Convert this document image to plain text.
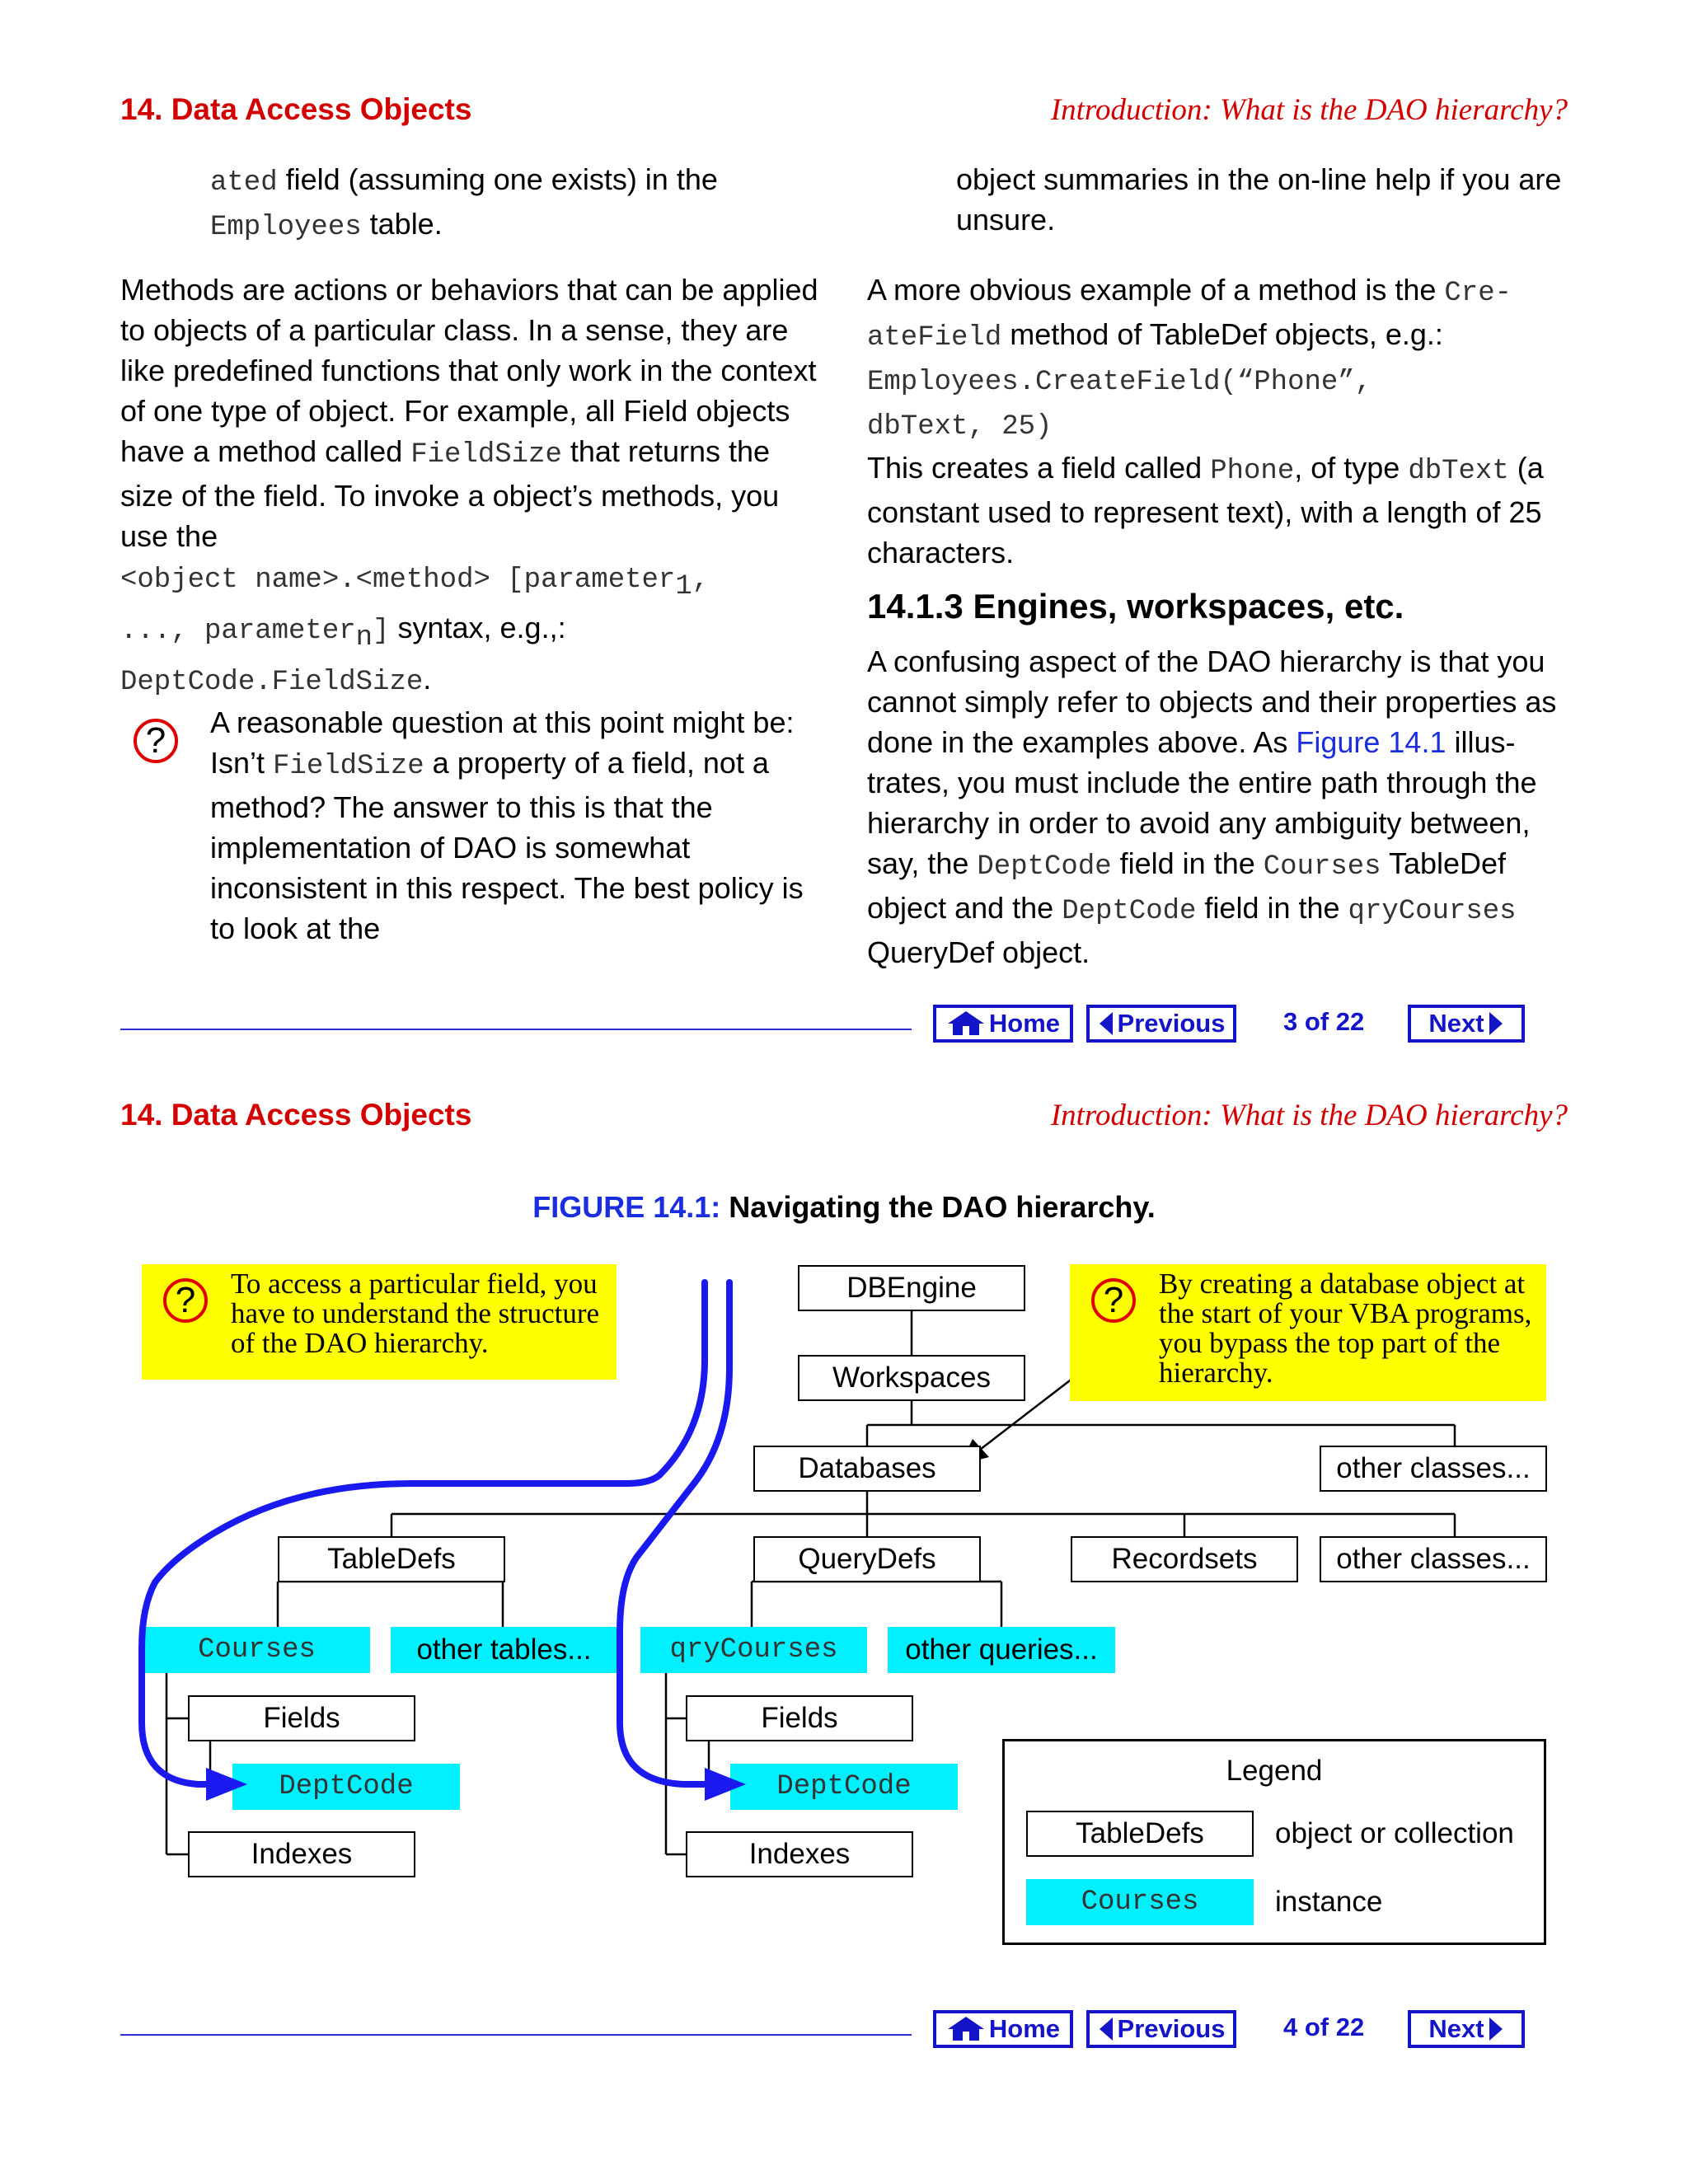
14. Data Access Objects	Introduction: What is the DAO hierarchy?
ated field (assuming one exists) in the
Employees table.
Methods are actions or behaviors that can be applied to objects of a particular class. In a sense, they are like predefined functions that only work in the context of one type of object. For example, all Field objects have a method called FieldSize that returns the size of the field. To invoke a object’s methods, you use the
<object name>.<method> [parameter$_1$,
..., parameter$_n$] syntax, e.g.,:
DeptCode.FieldSize.
?	A reasonable question at this point might be: Isn’t FieldSize a property of a field, not a method? The answer to this is that the implementation of DAO is somewhat inconsistent in this respect. The best policy is to look at the
object summaries in the on-line help if you are unsure.
A more obvious example of a method is the Cre-
ateField method of TableDef objects, e.g.:
Employees.CreateField(“Phone”,
dbText, 25)
This creates a field called Phone, of type dbText (a constant used to represent text), with a length of 25 characters.
14.1.3 Engines, workspaces, etc.
A confusing aspect of the DAO hierarchy is that you cannot simply refer to objects and their properties as done in the examples above. As Figure 14.1 illus- trates, you must include the entire path through the hierarchy in order to avoid any ambiguity between, say, the DeptCode field in the Courses TableDef object and the DeptCode field in the qryCourses QueryDef object.
Home Previous 3 of 22	Next
14. Data Access Objects	Introduction: What is the DAO hierarchy?
FIGURE 14.1: Navigating the DAO hierarchy.
To access a particular field, you have to understand the structure of the DAO hierarchy.
?	By creating a database object at the start of your VBA programs, you bypass the top part of the hierarchy.
?
DBEngine
Workspaces
Databases	other classes...
TableDefs	QueryDefs	Recordsets	other classes...
Courses	other tables...	qryCourses	other queries...
Fields
DeptCode
Indexes
Fields
DeptCode
Indexes
Legend
TableDefs	object or collection
Courses	instance
Home Previous 4 of 22	Next
